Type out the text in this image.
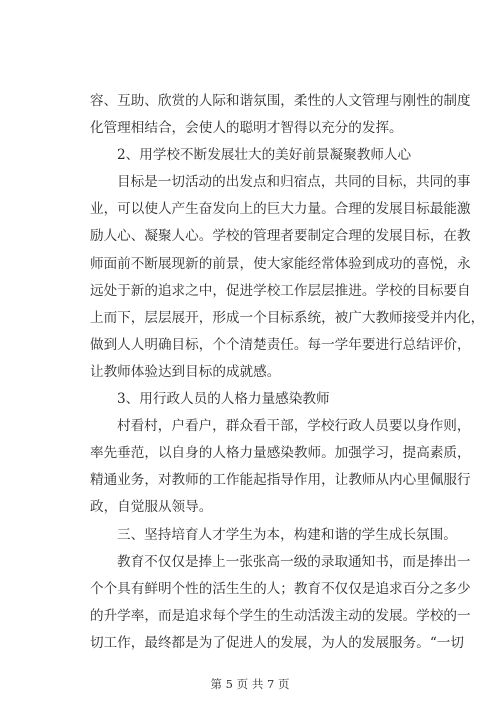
容、互助、欣赏的人际和谐氛围，柔性的人文管理与刚性的制度
化管理相结合，会使人的聪明才智得以充分的发挥。
2、用学校不断发展壮大的美好前景凝聚教师人心
目标是一切活动的出发点和归宿点，共同的目标，共同的事
业，可以使人产生奋发向上的巨大力量。合理的发展目标最能激
励人心、凝聚人心。学校的管理者要制定合理的发展目标，在教
师面前不断展现新的前景，使大家能经常体验到成功的喜悦，永
远处于新的追求之中，促进学校工作层层推进。学校的目标要自
上而下，层层展开，形成一个目标系统，被广大教师接受并内化，
做到人人明确目标，个个清楚责任。每一学年要进行总结评价，
让教师体验达到目标的成就感。
3、用行政人员的人格力量感染教师
村看村，户看户，群众看干部，学校行政人员要以身作则，
率先垂范，以自身的人格力量感染教师。加强学习，提高素质，
精通业务，对教师的工作能起指导作用，让教师从内心里佩服行
政，自觉服从领导。
三、坚持培育人才学生为本，构建和谐的学生成长氛围。
教育不仅仅是捧上一张张高一级的录取通知书，而是捧出一
个个具有鲜明个性的活生生的人；教育不仅仅是追求百分之多少
的升学率，而是追求每个学生的生动活泼主动的发展。学校的一
切工作，最终都是为了促进人的发展，为人的发展服务。“一切
第 5 页 共 7 页
